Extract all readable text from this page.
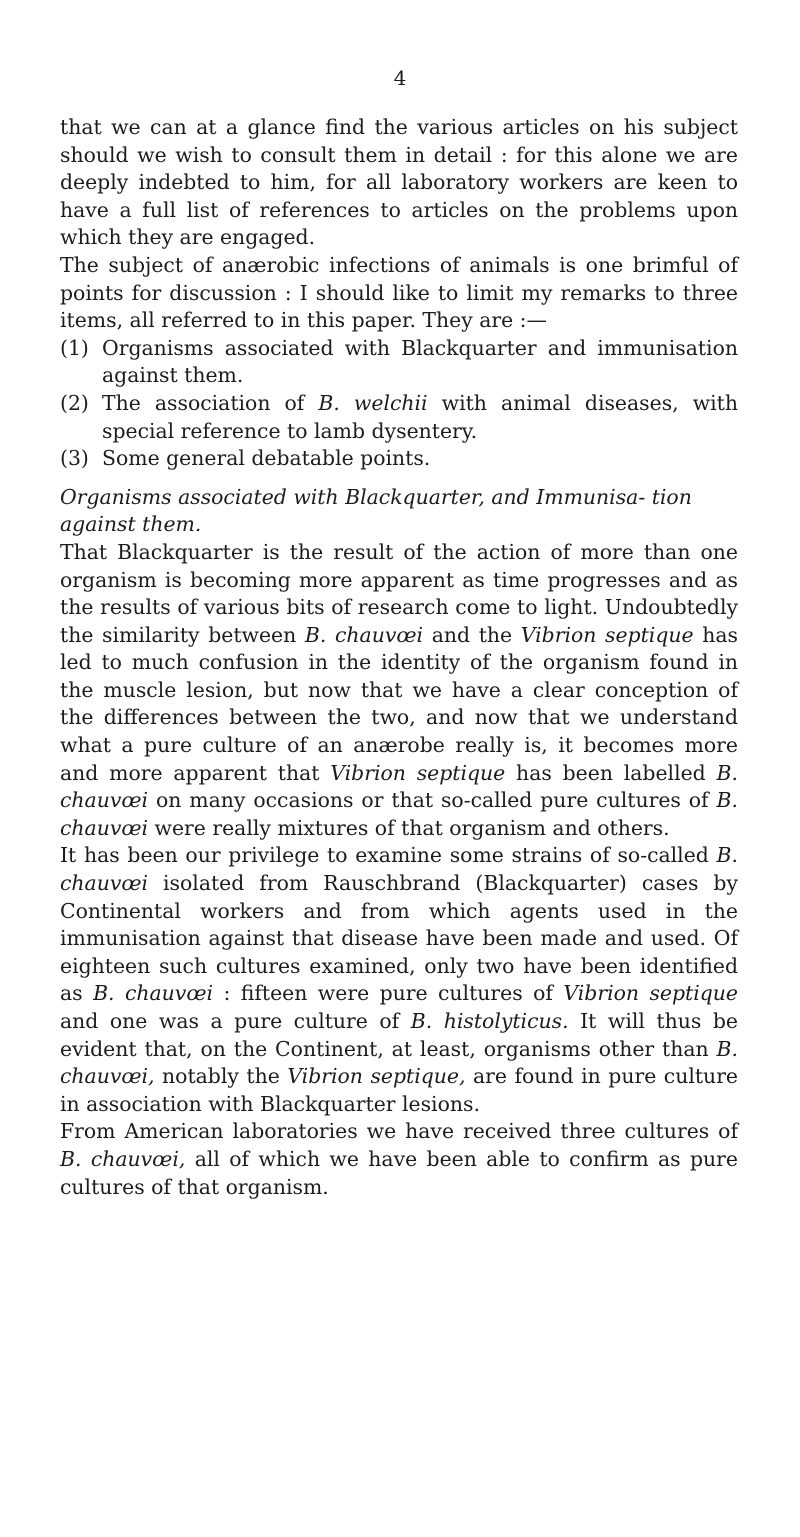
4

that we can at a glance find the various articles on his subject should we wish to consult them in detail : for this alone we are deeply indebted to him, for all laboratory workers are keen to have a full list of references to articles on the problems upon which they are engaged.

The subject of anærobic infections of animals is one brimful of points for discussion : I should like to limit my remarks to three items, all referred to in this paper. They are :—

(1) Organisms associated with Blackquarter and immunisation against them.

(2) The association of B. welchii with animal diseases, with special reference to lamb dysentery.

(3) Some general debatable points.

Organisms associated with Blackquarter, and Immunisa- tion against them.

That Blackquarter is the result of the action of more than one organism is becoming more apparent as time progresses and as the results of various bits of research come to light. Undoubtedly the similarity between B. chauvœi and the Vibrion septique has led to much confusion in the identity of the organism found in the muscle lesion, but now that we have a clear conception of the differences between the two, and now that we understand what a pure culture of an anærobe really is, it becomes more and more apparent that Vibrion septique has been labelled B. chauvœi on many occasions or that so-called pure cultures of B. chauvœi were really mixtures of that organism and others.

It has been our privilege to examine some strains of so-called B. chauvœi isolated from Rauschbrand (Blackquarter) cases by Continental workers and from which agents used in the immunisation against that disease have been made and used. Of eighteen such cultures examined, only two have been identified as B. chauvœi : fifteen were pure cultures of Vibrion septique and one was a pure culture of B. histolyticus. It will thus be evident that, on the Continent, at least, organisms other than B. chauvœi, notably the Vibrion septique, are found in pure culture in association with Blackquarter lesions.

From American laboratories we have received three cultures of B. chauvœi, all of which we have been able to confirm as pure cultures of that organism.
